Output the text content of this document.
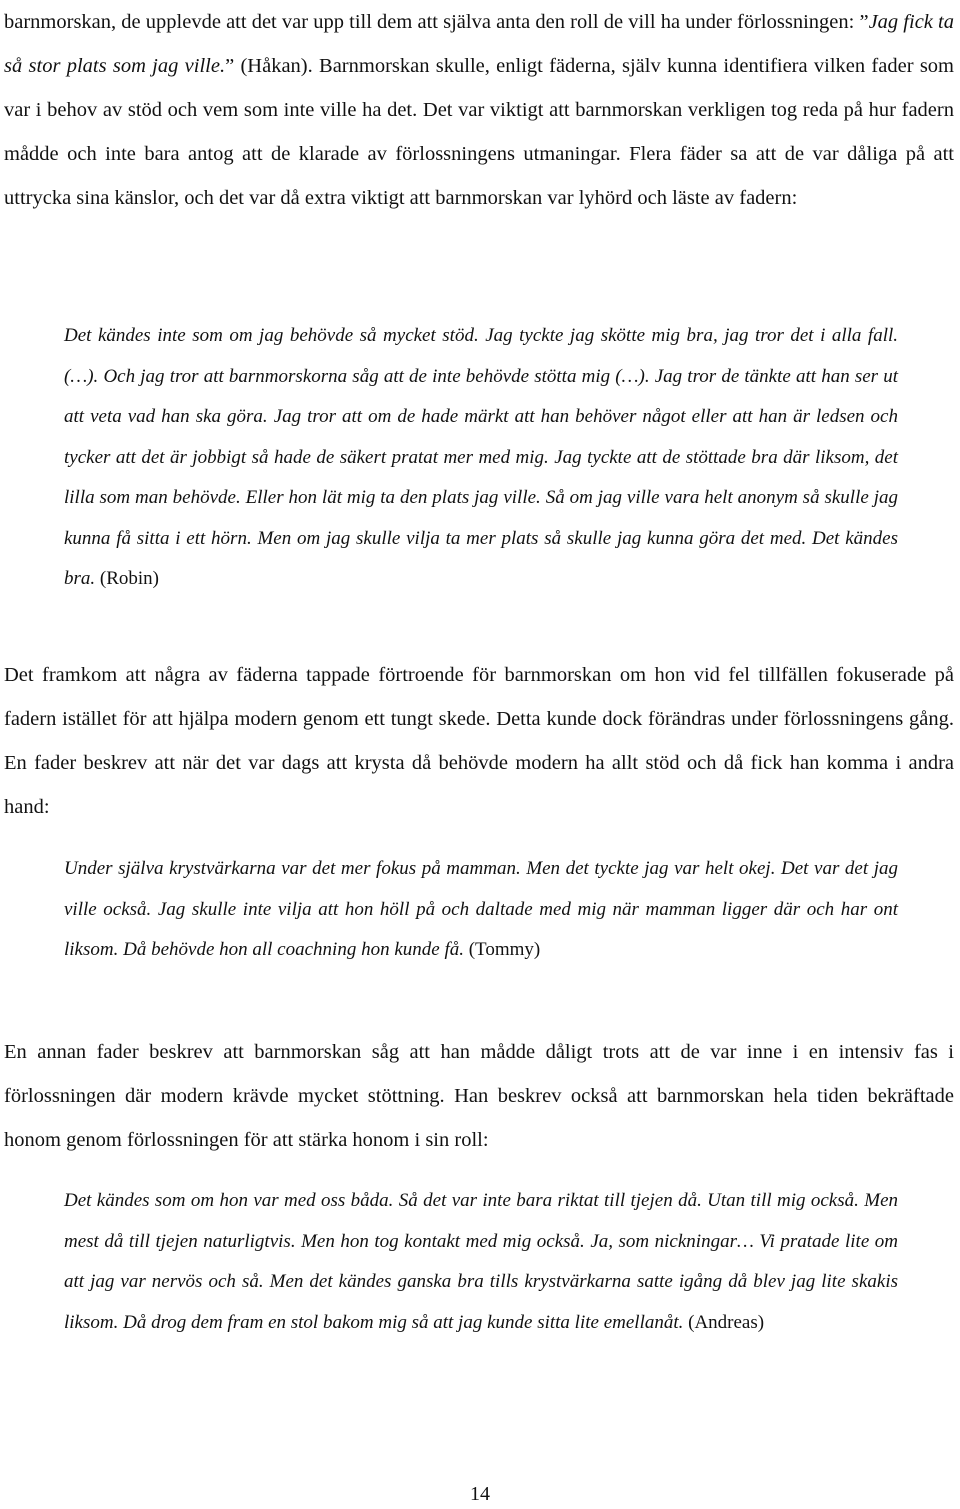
barnmorskan, de upplevde att det var upp till dem att själva anta den roll de vill ha under förlossningen: ”Jag fick ta så stor plats som jag ville.” (Håkan). Barnmorskan skulle, enligt fäderna, själv kunna identifiera vilken fader som var i behov av stöd och vem som inte ville ha det. Det var viktigt att barnmorskan verkligen tog reda på hur fadern mådde och inte bara antog att de klarade av förlossningens utmaningar. Flera fäder sa att de var dåliga på att uttrycka sina känslor, och det var då extra viktigt att barnmorskan var lyhörd och läste av fadern:

Det kändes inte som om jag behövde så mycket stöd. Jag tyckte jag skötte mig bra, jag tror det i alla fall. (…). Och jag tror att barnmorskorna såg att de inte behövde stötta mig (…). Jag tror de tänkte att han ser ut att veta vad han ska göra. Jag tror att om de hade märkt att han behöver något eller att han är ledsen och tycker att det är jobbigt så hade de säkert pratat mer med mig. Jag tyckte att de stöttade bra där liksom, det lilla som man behövde. Eller hon lät mig ta den plats jag ville. Så om jag ville vara helt anonym så skulle jag kunna få sitta i ett hörn. Men om jag skulle vilja ta mer plats så skulle jag kunna göra det med. Det kändes bra. (Robin)

Det framkom att några av fäderna tappade förtroende för barnmorskan om hon vid fel tillfällen fokuserade på fadern istället för att hjälpa modern genom ett tungt skede. Detta kunde dock förändras under förlossningens gång. En fader beskrev att när det var dags att krysta då behövde modern ha allt stöd och då fick han komma i andra hand:

Under själva krystvärkarna var det mer fokus på mamman. Men det tyckte jag var helt okej. Det var det jag ville också. Jag skulle inte vilja att hon höll på och daltade med mig när mamman ligger där och har ont liksom. Då behövde hon all coachning hon kunde få. (Tommy)

En annan fader beskrev att barnmorskan såg att han mådde dåligt trots att de var inne i en intensiv fas i förlossningen där modern krävde mycket stöttning. Han beskrev också att barnmorskan hela tiden bekräftade honom genom förlossningen för att stärka honom i sin roll:

Det kändes som om hon var med oss båda. Så det var inte bara riktat till tjejen då. Utan till mig också. Men mest då till tjejen naturligtvis. Men hon tog kontakt med mig också. Ja, som nickningar… Vi pratade lite om att jag var nervös och så. Men det kändes ganska bra tills krystvärkarna satte igång då blev jag lite skakis liksom. Då drog dem fram en stol bakom mig så att jag kunde sitta lite emellanåt. (Andreas)

14
